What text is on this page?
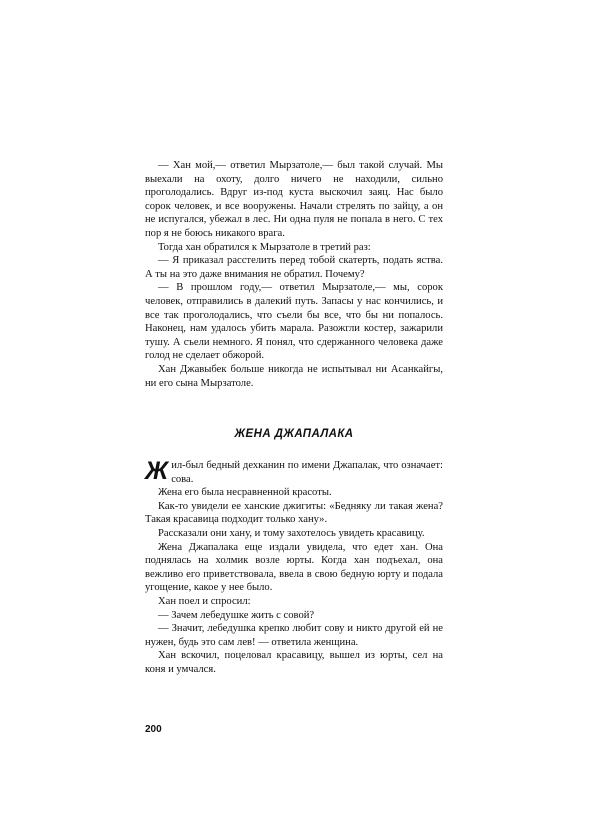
— Хан мой,— ответил Мырзатоле,— был такой случай. Мы выехали на охоту, долго ничего не находили, сильно проголодались. Вдруг из-под куста выскочил заяц. Нас было сорок человек, и все вооружены. Начали стрелять по зайцу, а он не испугался, убежал в лес. Ни одна пуля не попала в него. С тех пор я не боюсь никакого врага.

Тогда хан обратился к Мырзатоле в третий раз:

— Я приказал расстелить перед тобой скатерть, подать яства. А ты на это даже внимания не обратил. Почему?

— В прошлом году,— ответил Мырзатоле,— мы, сорок человек, отправились в далекий путь. Запасы у нас кончились, и все так проголодались, что съели бы все, что бы ни попалось. Наконец, нам удалось убить марала. Разожгли костер, зажарили тушу. А съели немного. Я понял, что сдержанного человека даже голод не сделает обжорой.

Хан Джавыбек больше никогда не испытывал ни Асанкайгы, ни его сына Мырзатоле.

ЖЕНА ДЖАПАЛАКА

Жил-был бедный дехканин по имени Джапалак, что означает: сова.

Жена его была несравненной красоты.

Как-то увидели ее ханские джигиты: «Бедняку ли такая жена? Такая красавица подходит только хану».

Рассказали они хану, и тому захотелось увидеть красавицу.

Жена Джапалака еще издали увидела, что едет хан. Она поднялась на холмик возле юрты. Когда хан подъехал, она вежливо его приветствовала, ввела в свою бедную юрту и подала угощение, какое у нее было.

Хан поел и спросил:

— Зачем лебедушке жить с совой?

— Значит, лебедушка крепко любит сову и никто другой ей не нужен, будь это сам лев! — ответила женщина.

Хан вскочил, поцеловал красавицу, вышел из юрты, сел на коня и умчался.

200
